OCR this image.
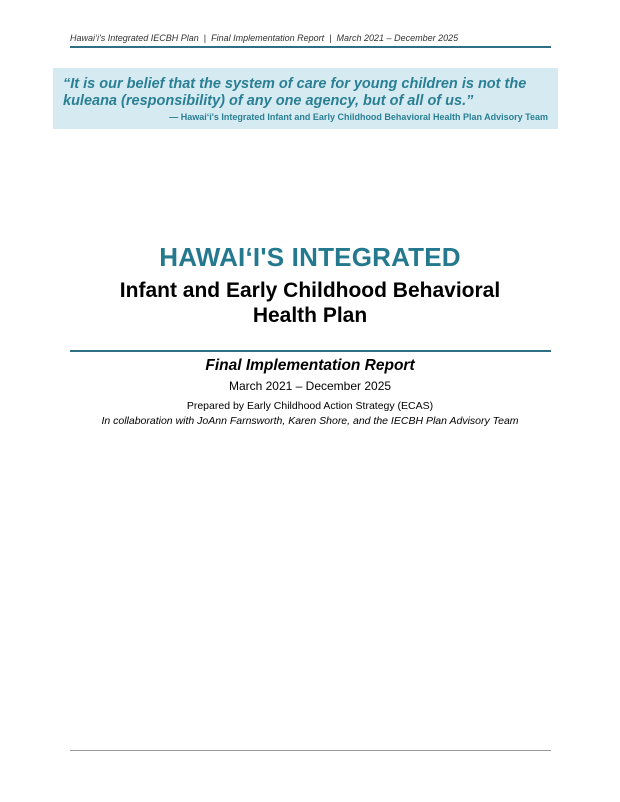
Hawai‘i's Integrated IECBH Plan | Final Implementation Report | March 2021 – December 2025

“It is our belief that the system of care for young children is not the kuleana (responsibility) of any one agency, but of all of us.”

— Hawai‘i's Integrated Infant and Early Childhood Behavioral Health Plan Advisory Team

HAWAI‘I'S INTEGRATED
Infant and Early Childhood Behavioral
Health Plan

Final Implementation Report

March 2021 – December 2025

Prepared by Early Childhood Action Strategy (ECAS)

In collaboration with JoAnn Farnsworth, Karen Shore, and the IECBH Plan Advisory Team
